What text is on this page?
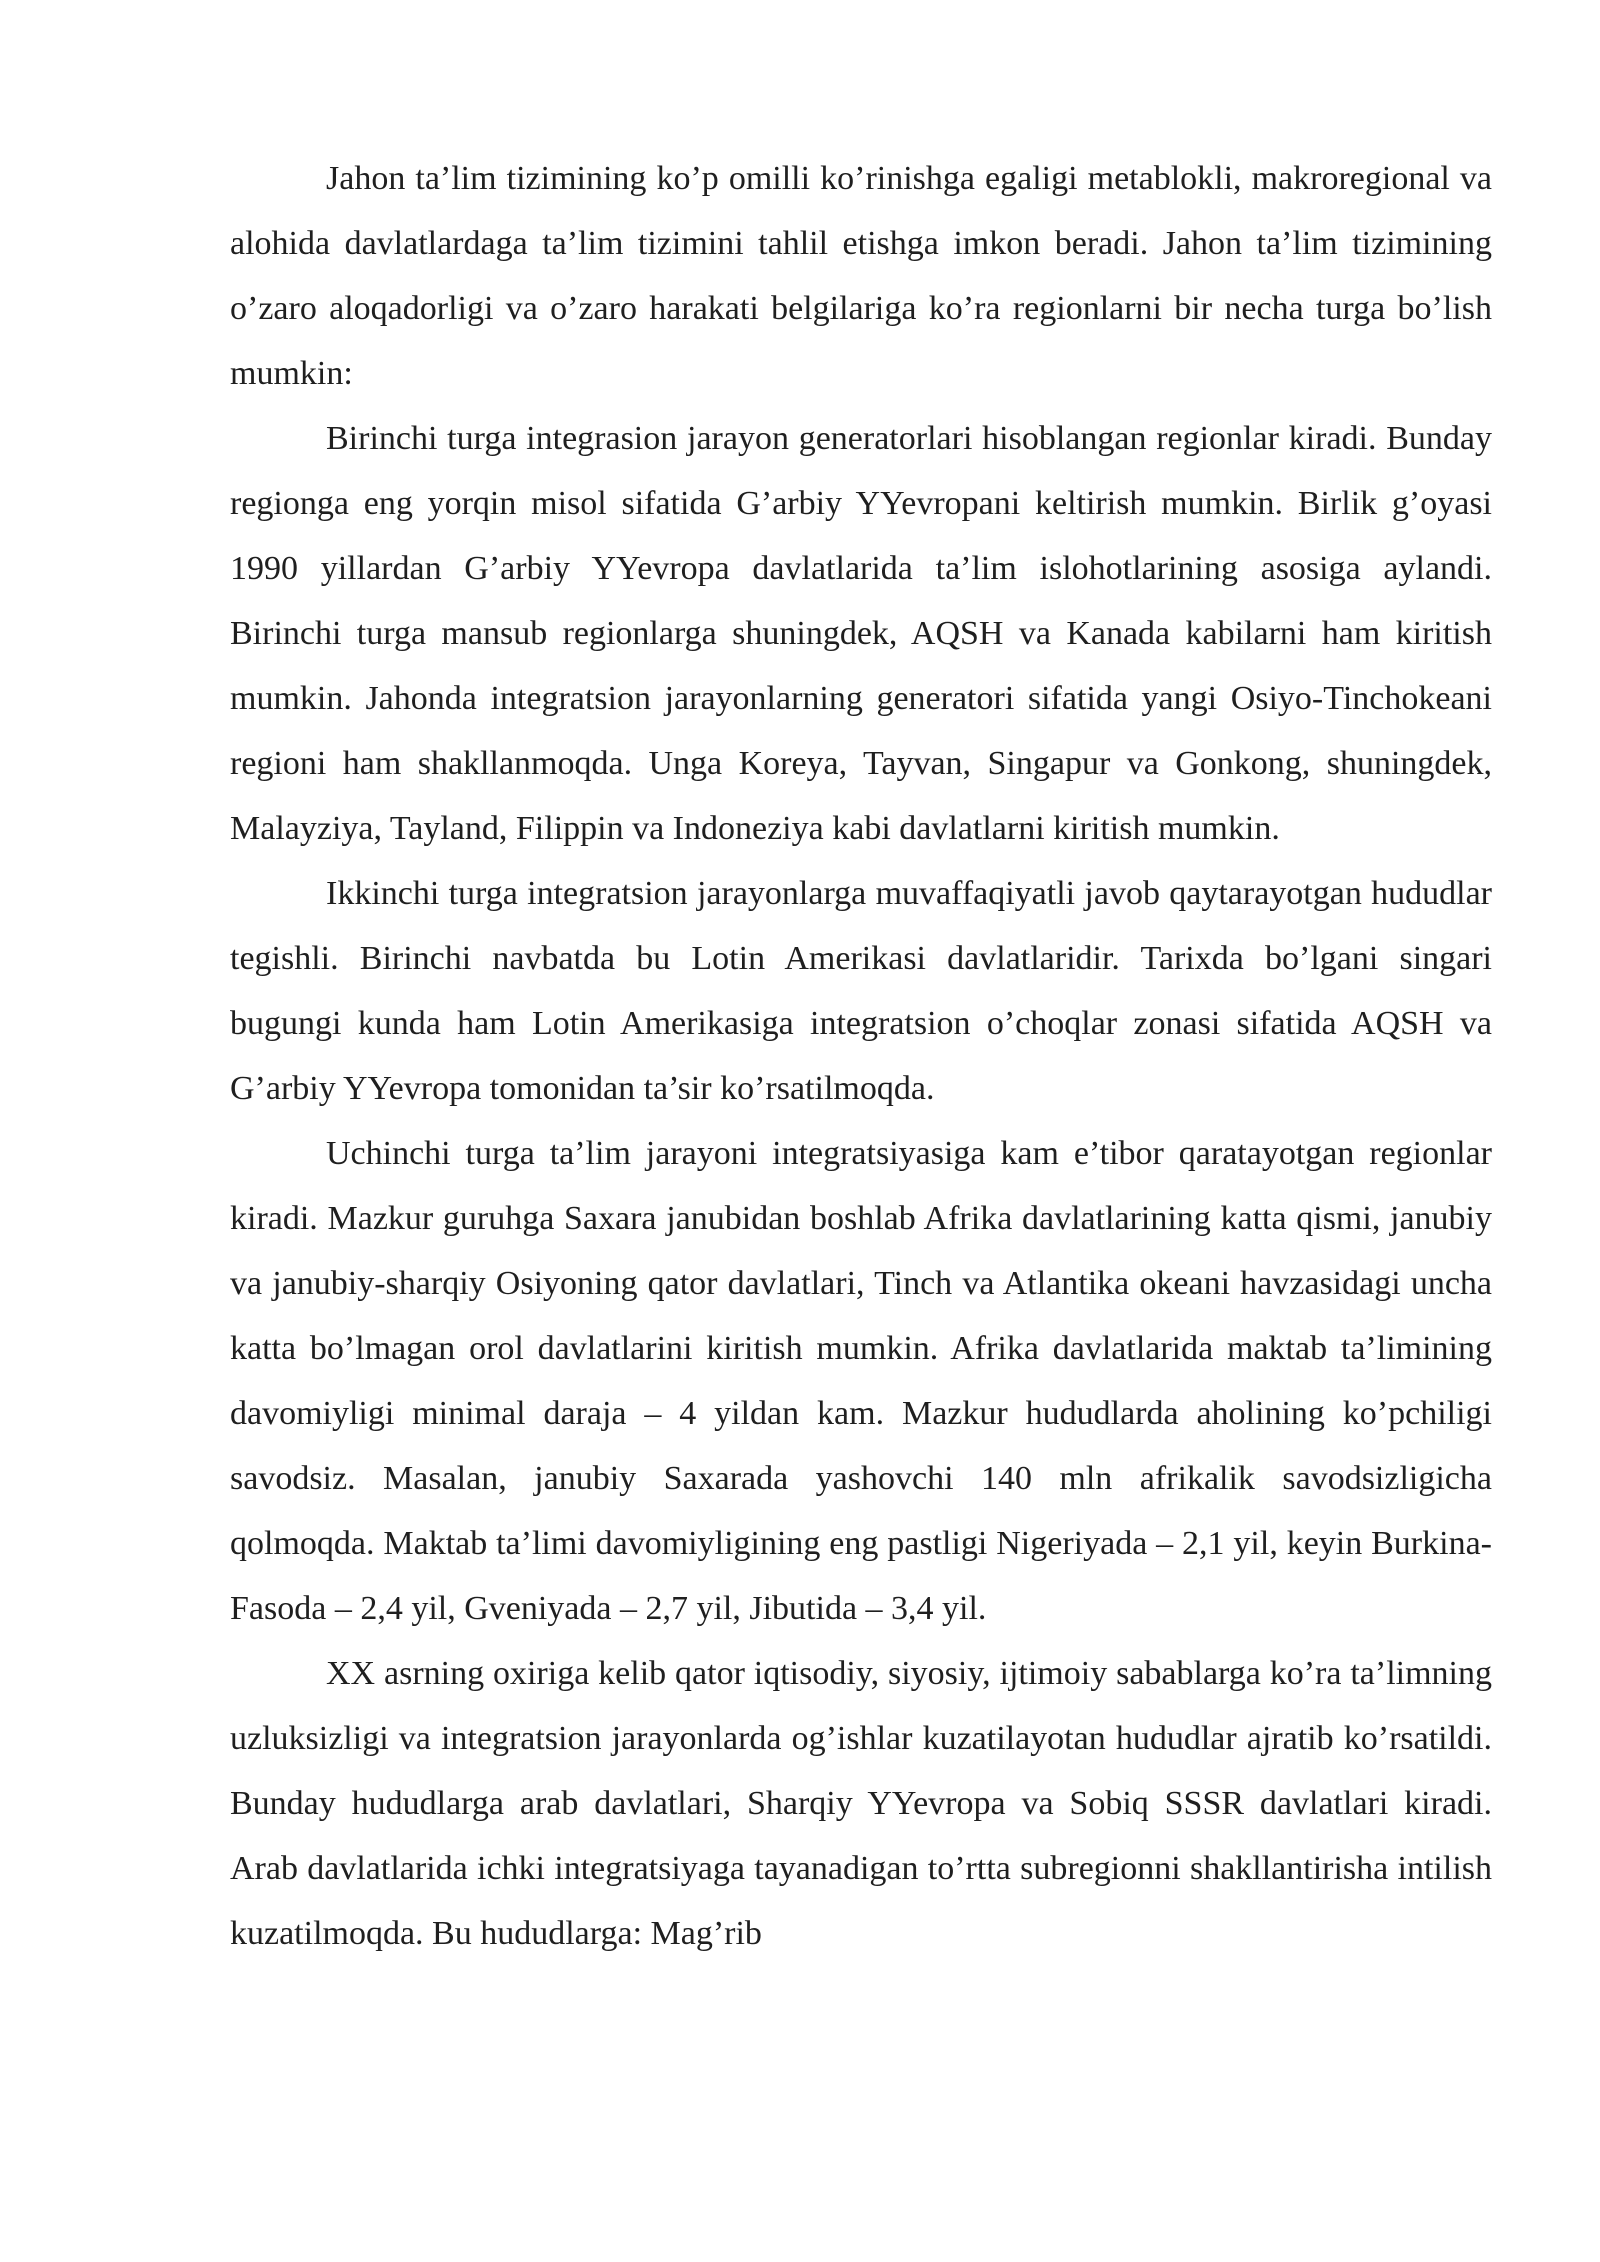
Jahon ta’lim tizimining ko’p omilli ko’rinishga egaligi metablokli, makroregional va alohida davlatlardaga ta’lim tizimini tahlil etishga imkon beradi. Jahon ta’lim tizimining o’zaro aloqadorligi va o’zaro harakati belgilariga ko’ra regionlarni bir necha turga bo’lish mumkin:

Birinchi turga integrasion jarayon generatorlari hisoblangan regionlar kiradi. Bunday regionga eng yorqin misol sifatida G’arbiy YYevropani keltirish mumkin. Birlik g’oyasi 1990 yillardan G’arbiy YYevropa davlatlarida ta’lim islohotlarining asosiga aylandi. Birinchi turga mansub regionlarga shuningdek, AQSH va Kanada kabilarni ham kiritish mumkin. Jahonda integratsion jarayonlarning generatori sifatida yangi Osiyo-Tinchokeani regioni ham shakllanmoqda. Unga Koreya, Tayvan, Singapur va Gonkong, shuningdek, Malayziya, Tayland, Filippin va Indoneziya kabi davlatlarni kiritish mumkin.

Ikkinchi turga integratsion jarayonlarga muvaffaqiyatli javob qaytarayotgan hududlar tegishli. Birinchi navbatda bu Lotin Amerikasi davlatlaridir. Tarixda bo’lgani singari bugungi kunda ham Lotin Amerikasiga integratsion o’choqlar zonasi sifatida AQSH va G’arbiy YYevropa tomonidan ta’sir ko’rsatilmoqda.

Uchinchi turga ta’lim jarayoni integratsiyasiga kam e’tibor qaratayotgan regionlar kiradi. Mazkur guruhga Saxara janubidan boshlab Afrika davlatlarining katta qismi, janubiy va janubiy-sharqiy Osiyoning qator davlatlari, Tinch va Atlantika okeani havzasidagi uncha katta bo’lmagan orol davlatlarini kiritish mumkin. Afrika davlatlarida maktab ta’limining davomiyligi minimal daraja – 4 yildan kam. Mazkur hududlarda aholining ko’pchiligi savodsiz. Masalan, janubiy Saxarada yashovchi 140 mln afrikalik savodsizligicha qolmoqda. Maktab ta’limi davomiyligining eng pastligi Nigeriyada – 2,1 yil, keyin Burkina-Fasoda – 2,4 yil, Gveniyada – 2,7 yil, Jibutida – 3,4 yil.

XX asrning oxiriga kelib qator iqtisodiy, siyosiy, ijtimoiy sabablarga ko’ra ta’limning uzluksizligi va integratsion jarayonlarda og’ishlar kuzatilayotan hududlar ajratib ko’rsatildi. Bunday hududlarga arab davlatlari, Sharqiy YYevropa va Sobiq SSSR davlatlari kiradi. Arab davlatlarida ichki integratsiyaga tayanadigan to’rtta subregionni shakllantirisha intilish kuzatilmoqda. Bu hududlarga: Mag’rib
